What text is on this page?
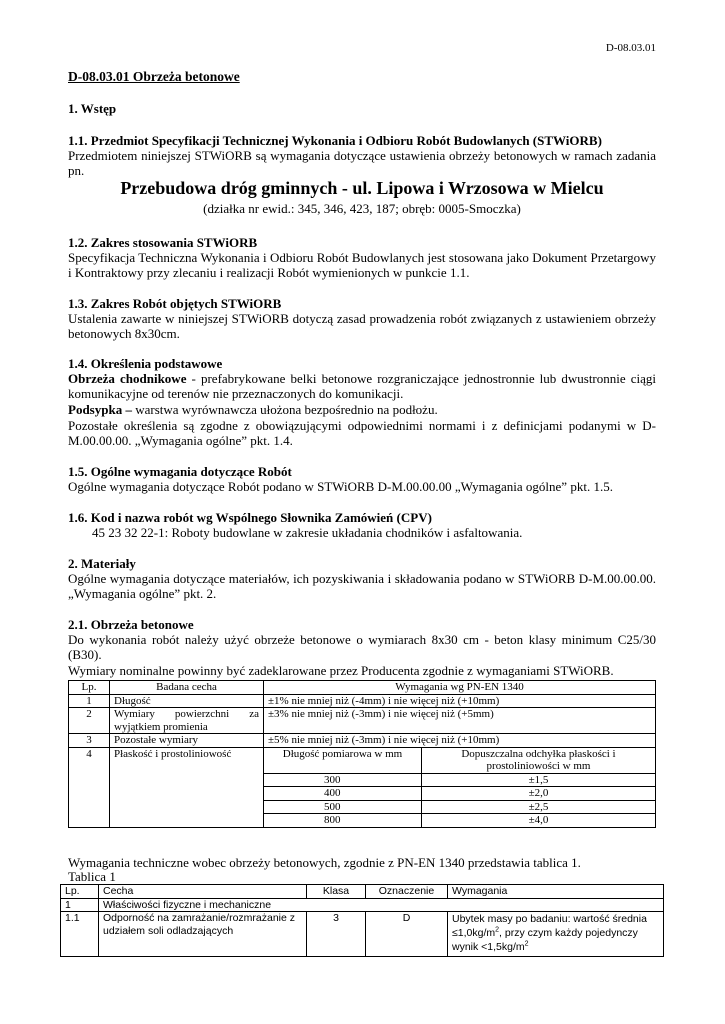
D-08.03.01
D-08.03.01 Obrzeża betonowe
1. Wstęp
1.1. Przedmiot Specyfikacji Technicznej Wykonania i Odbioru Robót Budowlanych (STWiORB)
Przedmiotem niniejszej STWiORB są wymagania dotyczące ustawienia obrzeży betonowych w ramach zadania pn.
Przebudowa dróg gminnych - ul. Lipowa i Wrzosowa w Mielcu
(działka nr ewid.: 345, 346, 423, 187; obręb: 0005-Smoczka)
1.2. Zakres stosowania STWiORB
Specyfikacja Techniczna Wykonania i Odbioru Robót Budowlanych jest stosowana jako Dokument Przetargowy i Kontraktowy przy zlecaniu i realizacji Robót wymienionych w punkcie 1.1.
1.3. Zakres Robót objętych STWiORB
Ustalenia zawarte w niniejszej STWiORB dotyczą zasad prowadzenia robót związanych z ustawieniem obrzeży betonowych 8x30cm.
1.4. Określenia podstawowe
Obrzeża chodnikowe - prefabrykowane belki betonowe rozgraniczające jednostronnie lub dwustronnie ciągi komunikacyjne od terenów nie przeznaczonych do komunikacji.
Podsypka – warstwa wyrównawcza ułożona bezpośrednio na podłożu.
Pozostałe określenia są zgodne z obowiązującymi odpowiednimi normami i z definicjami podanymi w D-M.00.00.00. „Wymagania ogólne” pkt. 1.4.
1.5. Ogólne wymagania dotyczące Robót
Ogólne wymagania dotyczące Robót podano w STWiORB D-M.00.00.00 „Wymagania ogólne” pkt. 1.5.
1.6. Kod i nazwa robót wg Wspólnego Słownika Zamówień (CPV)
45 23 32 22-1: Roboty budowlane w zakresie układania chodników i asfaltowania.
2. Materiały
Ogólne wymagania dotyczące materiałów, ich pozyskiwania i składowania podano w STWiORB D-M.00.00.00. „Wymagania ogólne” pkt. 2.
2.1. Obrzeża betonowe
Do wykonania robót należy użyć obrzeże betonowe o wymiarach 8x30 cm - beton klasy minimum C25/30 (B30).
Wymiary nominalne powinny być zadeklarowane przez Producenta zgodnie z wymaganiami STWiORB.
Lp.	Badana cecha	Wymagania wg PN-EN 1340	
1	Długość	±1% nie mniej niż (-4mm) i nie więcej niż (+10mm)	
2	Wymiary powierzchni za wyjątkiem promienia	±3% nie mniej niż (-3mm) i nie więcej niż (+5mm)	
3	Pozostałe wymiary	±5% nie mniej niż (-3mm) i nie więcej niż (+10mm)	
4	Płaskość i prostoliniowość	Długość pomiarowa w mm	Dopuszczalna odchyłka płaskości i prostoliniowości w mm
		300	±1,5
		400	±2,0
		500	±2,5
		800	±4,0
Wymagania techniczne wobec obrzeży betonowych, zgodnie z PN-EN 1340 przedstawia tablica 1.
Tablica 1
Lp.	Cecha	Klasa	Oznaczenie	Wymagania
1	Właściwości fizyczne i mechaniczne			
1.1	Odporność na zamrażanie/rozmrażanie z udziałem soli odladzających	3	D	Ubytek masy po badaniu: wartość średnia $\le 1,0kg/m^2$, przy czym każdy pojedynczy wynik $<1,5kg/m^2$
